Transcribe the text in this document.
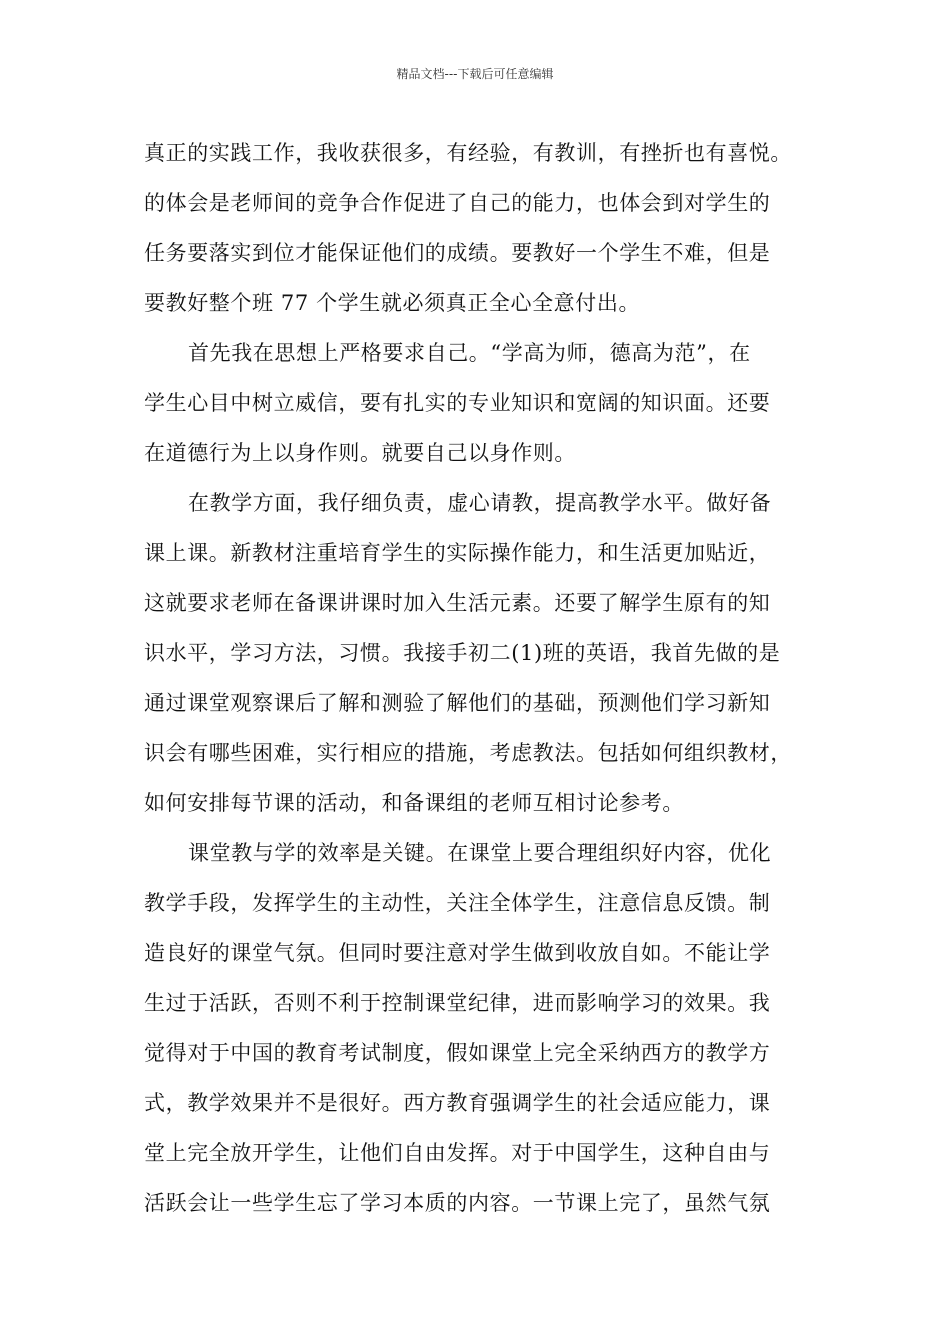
精品文档---下载后可任意编辑
真正的实践工作，我收获很多，有经验，有教训，有挫折也有喜悦。
的体会是老师间的竞争合作促进了自己的能力，也体会到对学生的
任务要落实到位才能保证他们的成绩。要教好一个学生不难，但是
要教好整个班 77 个学生就必须真正全心全意付出。
首先我在思想上严格要求自己。“学高为师，德高为范”，在
学生心目中树立威信，要有扎实的专业知识和宽阔的知识面。还要
在道德行为上以身作则。就要自己以身作则。
在教学方面，我仔细负责，虚心请教，提高教学水平。做好备
课上课。新教材注重培育学生的实际操作能力，和生活更加贴近，
这就要求老师在备课讲课时加入生活元素。还要了解学生原有的知
识水平，学习方法，习惯。我接手初二(1)班的英语，我首先做的是
通过课堂观察课后了解和测验了解他们的基础，预测他们学习新知
识会有哪些困难，实行相应的措施，考虑教法。包括如何组织教材，
如何安排每节课的活动，和备课组的老师互相讨论参考。
课堂教与学的效率是关键。在课堂上要合理组织好内容，优化
教学手段，发挥学生的主动性，关注全体学生，注意信息反馈。制
造良好的课堂气氛。但同时要注意对学生做到收放自如。不能让学
生过于活跃，否则不利于控制课堂纪律，进而影响学习的效果。我
觉得对于中国的教育考试制度，假如课堂上完全采纳西方的教学方
式，教学效果并不是很好。西方教育强调学生的社会适应能力，课
堂上完全放开学生，让他们自由发挥。对于中国学生，这种自由与
活跃会让一些学生忘了学习本质的内容。一节课上完了，虽然气氛
